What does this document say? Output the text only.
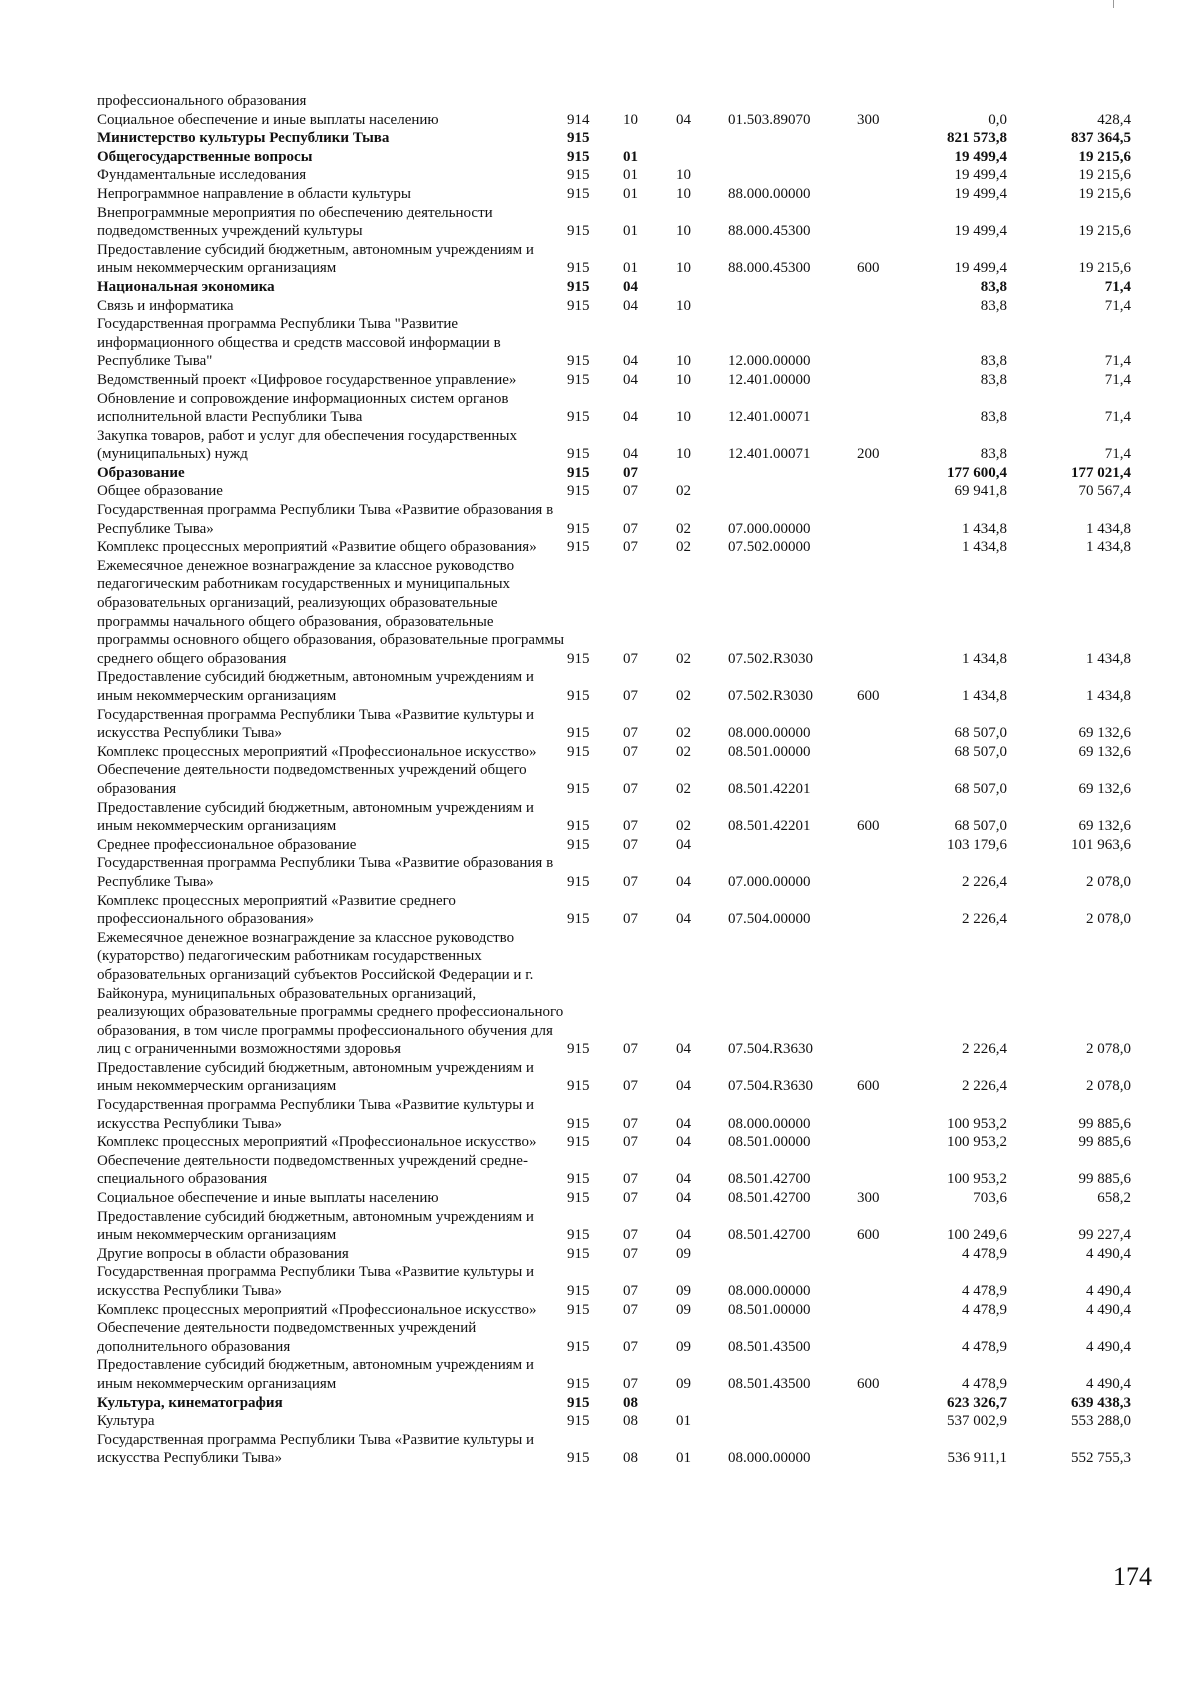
профессионального образования							
Социальное обеспечение и иные выплаты населению	914	10	04	01.503.89070	300	0,0	428,4
Министерство культуры Республики Тыва	915					821 573,8	837 364,5
Общегосударственные вопросы	915	01				19 499,4	19 215,6
Фундаментальные исследования	915	01	10			19 499,4	19 215,6
Непрограммное направление в области культуры	915	01	10	88.000.00000		19 499,4	19 215,6
Внепрограммные мероприятия по обеспечению деятельности подведомственных учреждений культуры	915	01	10	88.000.45300		19 499,4	19 215,6
Предоставление субсидий бюджетным, автономным учреждениям и иным некоммерческим организациям	915	01	10	88.000.45300	600	19 499,4	19 215,6
Национальная экономика	915	04				83,8	71,4
Связь и информатика	915	04	10			83,8	71,4
Государственная программа Республики Тыва "Развитие информационного общества и средств массовой информации в Республике Тыва"	915	04	10	12.000.00000		83,8	71,4
Ведомственный проект «Цифровое государственное управление»	915	04	10	12.401.00000		83,8	71,4
Обновление и сопровождение информационных систем органов исполнительной власти Республики Тыва	915	04	10	12.401.00071		83,8	71,4
Закупка товаров, работ и услуг для обеспечения государственных (муниципальных) нужд	915	04	10	12.401.00071	200	83,8	71,4
Образование	915	07				177 600,4	177 021,4
Общее образование	915	07	02			69 941,8	70 567,4
Государственная программа Республики Тыва «Развитие образования в Республике Тыва»	915	07	02	07.000.00000		1 434,8	1 434,8
Комплекс процессных мероприятий «Развитие общего образования»	915	07	02	07.502.00000		1 434,8	1 434,8
Ежемесячное денежное вознаграждение за классное руководство педагогическим работникам государственных и муниципальных образовательных организаций, реализующих образовательные программы начального общего образования, образовательные программы основного общего образования, образовательные программы среднего общего образования	915	07	02	07.502.R3030		1 434,8	1 434,8
Предоставление субсидий бюджетным, автономным учреждениям и иным некоммерческим организациям	915	07	02	07.502.R3030	600	1 434,8	1 434,8
Государственная программа Республики Тыва «Развитие культуры и искусства Республики Тыва»	915	07	02	08.000.00000		68 507,0	69 132,6
Комплекс процессных мероприятий «Профессиональное искусство»	915	07	02	08.501.00000		68 507,0	69 132,6
Обеспечение деятельности подведомственных учреждений общего образования	915	07	02	08.501.42201		68 507,0	69 132,6
Предоставление субсидий бюджетным, автономным учреждениям и иным некоммерческим организациям	915	07	02	08.501.42201	600	68 507,0	69 132,6
Среднее профессиональное образование	915	07	04			103 179,6	101 963,6
Государственная программа Республики Тыва «Развитие образования в Республике Тыва»	915	07	04	07.000.00000		2 226,4	2 078,0
Комплекс процессных мероприятий «Развитие среднего профессионального образования»	915	07	04	07.504.00000		2 226,4	2 078,0
Ежемесячное денежное вознаграждение за классное руководство (кураторство) педагогическим работникам государственных образовательных организаций субъектов Российской Федерации и г. Байконура, муниципальных образовательных организаций, реализующих образовательные программы среднего профессионального образования, в том числе программы профессионального обучения для лиц с ограниченными возможностями здоровья	915	07	04	07.504.R3630		2 226,4	2 078,0
Предоставление субсидий бюджетным, автономным учреждениям и иным некоммерческим организациям	915	07	04	07.504.R3630	600	2 226,4	2 078,0
Государственная программа Республики Тыва «Развитие культуры и искусства Республики Тыва»	915	07	04	08.000.00000		100 953,2	99 885,6
Комплекс процессных мероприятий «Профессиональное искусство»	915	07	04	08.501.00000		100 953,2	99 885,6
Обеспечение деятельности подведомственных учреждений средне-специального образования	915	07	04	08.501.42700		100 953,2	99 885,6
Социальное обеспечение и иные выплаты населению	915	07	04	08.501.42700	300	703,6	658,2
Предоставление субсидий бюджетным, автономным учреждениям и иным некоммерческим организациям	915	07	04	08.501.42700	600	100 249,6	99 227,4
Другие вопросы в области образования	915	07	09			4 478,9	4 490,4
Государственная программа Республики Тыва «Развитие культуры и искусства Республики Тыва»	915	07	09	08.000.00000		4 478,9	4 490,4
Комплекс процессных мероприятий «Профессиональное искусство»	915	07	09	08.501.00000		4 478,9	4 490,4
Обеспечение деятельности подведомственных учреждений дополнительного образования	915	07	09	08.501.43500		4 478,9	4 490,4
Предоставление субсидий бюджетным, автономным учреждениям и иным некоммерческим организациям	915	07	09	08.501.43500	600	4 478,9	4 490,4
Культура, кинематография	915	08				623 326,7	639 438,3
Культура	915	08	01			537 002,9	553 288,0
Государственная программа Республики Тыва «Развитие культуры и искусства Республики Тыва»	915	08	01	08.000.00000		536 911,1	552 755,3
174
